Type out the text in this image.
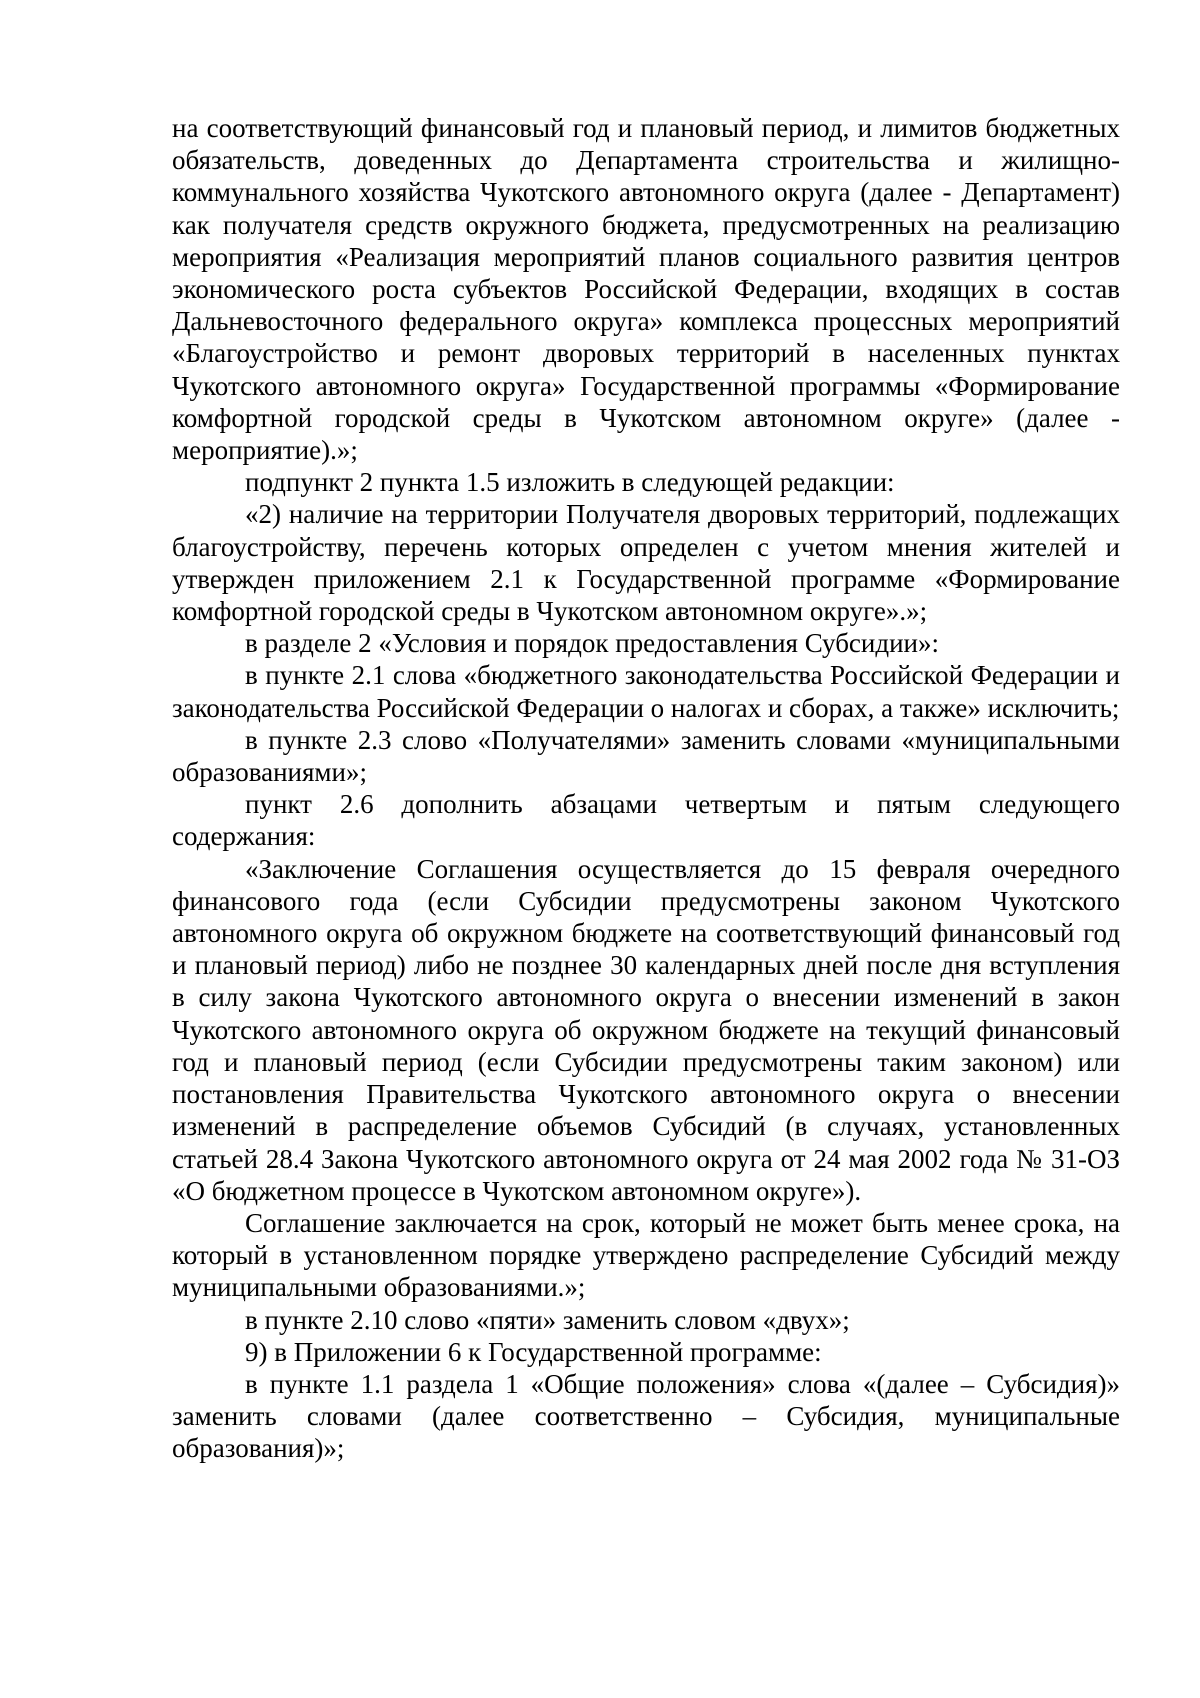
на соответствующий финансовый год и плановый период, и лимитов бюджетных обязательств, доведенных до Департамента строительства и жилищно-коммунального хозяйства Чукотского автономного округа (далее - Департамент) как получателя средств окружного бюджета, предусмотренных на реализацию мероприятия «Реализация мероприятий планов социального развития центров экономического роста субъектов Российской Федерации, входящих в состав Дальневосточного федерального округа» комплекса процессных мероприятий «Благоустройство и ремонт дворовых территорий в населенных пунктах Чукотского автономного округа» Государственной программы «Формирование комфортной городской среды в Чукотском автономном округе» (далее - мероприятие).»;

подпункт 2 пункта 1.5 изложить в следующей редакции:

«2) наличие на территории Получателя дворовых территорий, подлежащих благоустройству, перечень которых определен с учетом мнения жителей и утвержден приложением 2.1 к Государственной программе «Формирование комфортной городской среды в Чукотском автономном округе».»;

в разделе 2 «Условия и порядок предоставления Субсидии»:

в пункте 2.1 слова «бюджетного законодательства Российской Федерации и законодательства Российской Федерации о налогах и сборах, а также» исключить;

в пункте 2.3 слово «Получателями» заменить словами «муниципальными образованиями»;

пункт 2.6 дополнить абзацами четвертым и пятым следующего содержания:

«Заключение Соглашения осуществляется до 15 февраля очередного финансового года (если Субсидии предусмотрены законом Чукотского автономного округа об окружном бюджете на соответствующий финансовый год и плановый период) либо не позднее 30 календарных дней после дня вступления в силу закона Чукотского автономного округа о внесении изменений в закон Чукотского автономного округа об окружном бюджете на текущий финансовый год и плановый период (если Субсидии предусмотрены таким законом) или постановления Правительства Чукотского автономного округа о внесении изменений в распределение объемов Субсидий (в случаях, установленных статьей 28.4 Закона Чукотского автономного округа от 24 мая 2002 года № 31-ОЗ «О бюджетном процессе в Чукотском автономном округе»).

Соглашение заключается на срок, который не может быть менее срока, на который в установленном порядке утверждено распределение Субсидий между муниципальными образованиями.»;

в пункте 2.10 слово «пяти» заменить словом «двух»;

9) в Приложении 6 к Государственной программе:

в пункте 1.1 раздела 1 «Общие положения» слова «(далее – Субсидия)» заменить словами (далее соответственно – Субсидия, муниципальные образования)»;
